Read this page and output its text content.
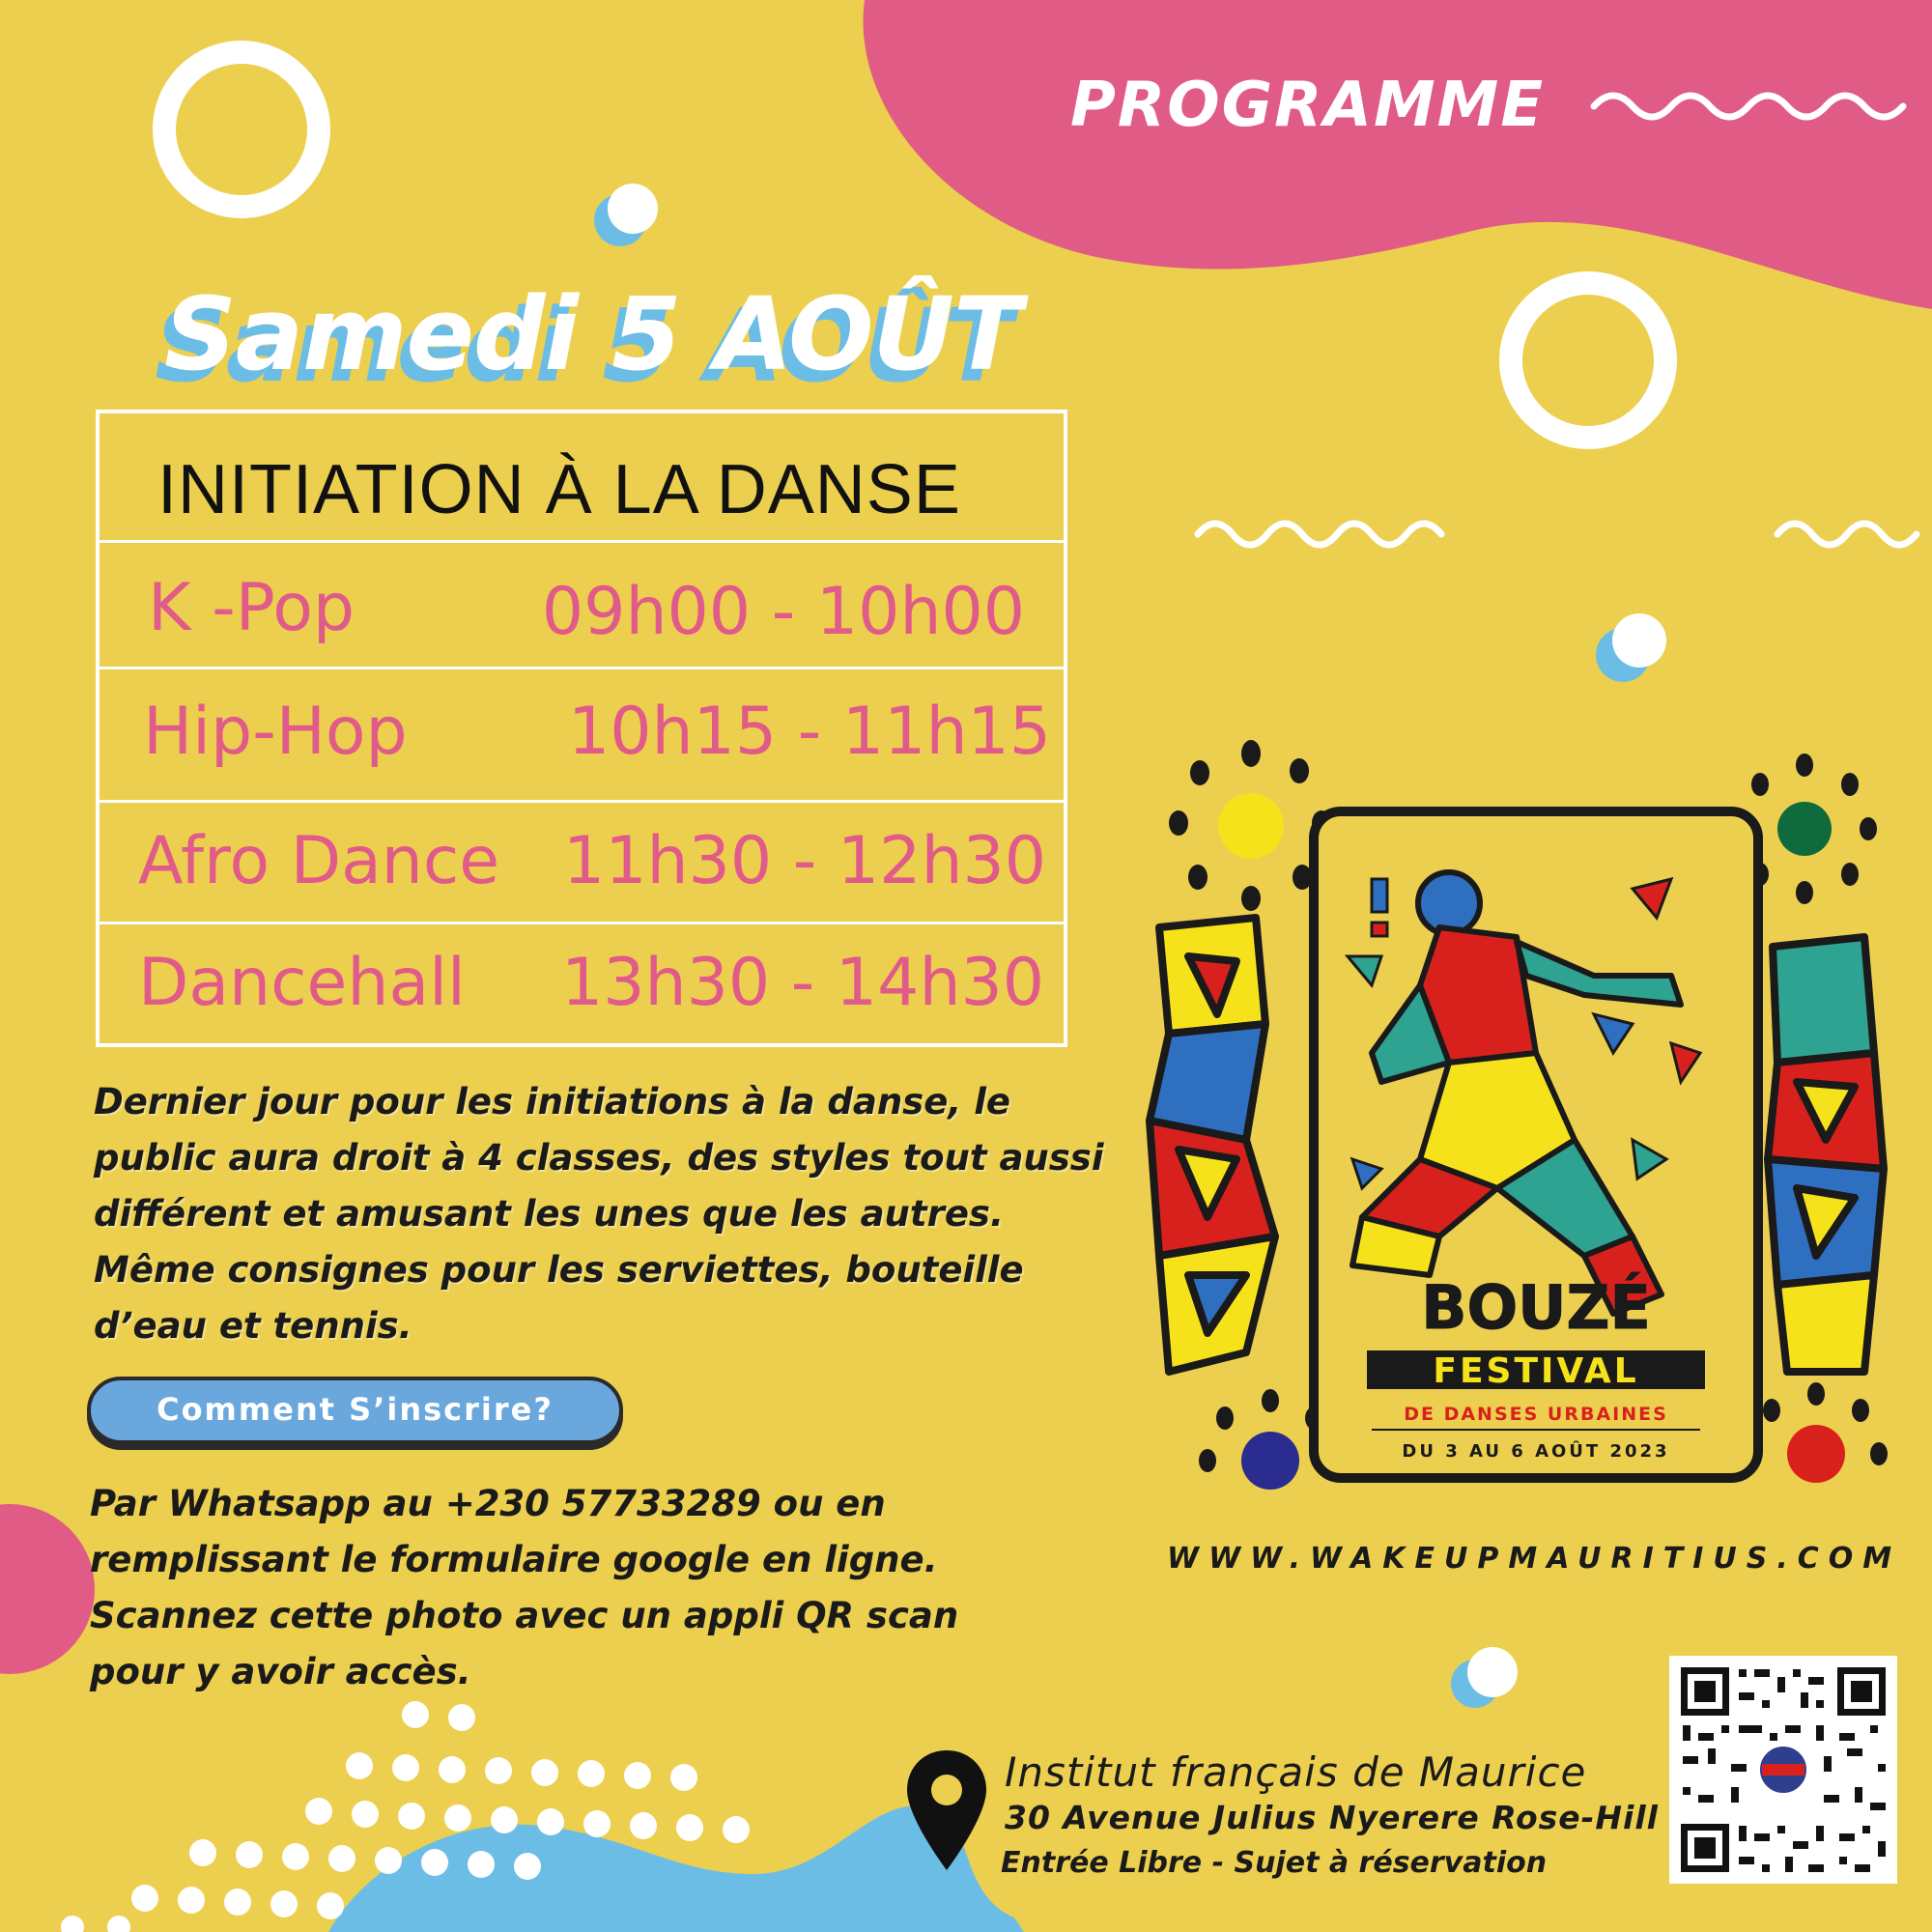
PROGRAMME
Samedi 5 AOÛT
INITIATION À LA DANSE
K -Pop	09h00 - 10h00
Hip-Hop 10h15 - 11h15
Afro Dance 11h30 - 12h30
Dancehall 13h30 - 14h30

Dernier jour pour les initiations à la danse, le public aura droit à 4 classes, des styles tout aussi différent et amusant les unes que les autres. Même consignes pour les serviettes, bouteille d’eau et tennis.

Comment S’inscrire?

Par Whatsapp au +230 57733289 ou en remplissant le formulaire google en ligne. Scannez cette photo avec un appli QR scan pour y avoir accès.

BOUZÉ
FESTIVAL
DE DANSES URBAINES
DU 3 AU 6 AOÛT 2023
WWW.WAKEUPMAURITIUS.COM
Institut français de Maurice
30 Avenue Julius Nyerere Rose-Hill
Entrée Libre - Sujet à réservation
